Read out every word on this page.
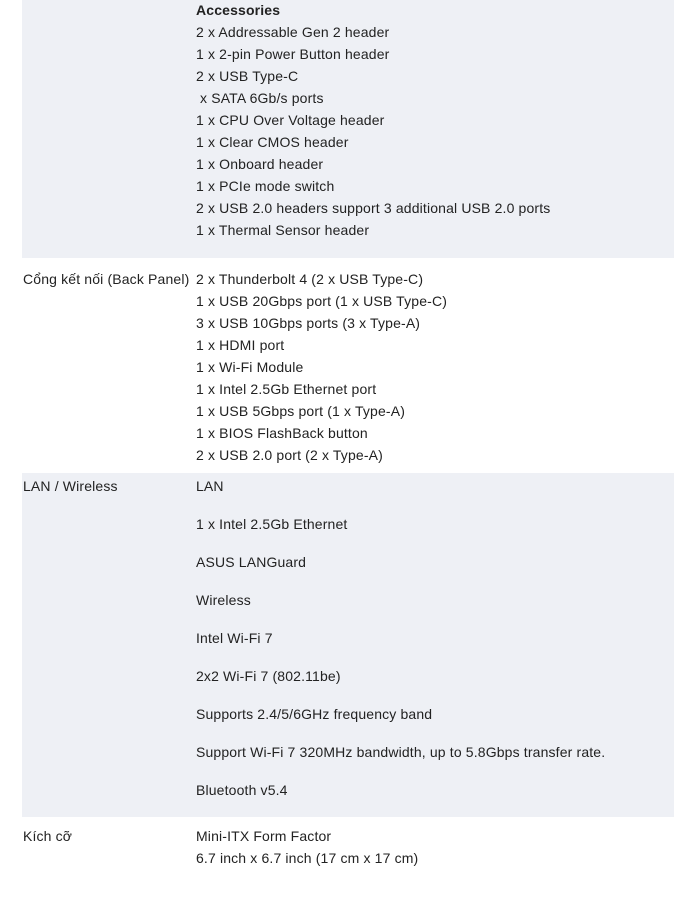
Accessories
2 x Addressable Gen 2 header
1 x 2-pin Power Button header
2 x USB Type-C
x SATA 6Gb/s ports
1 x CPU Over Voltage header
1 x Clear CMOS header
1 x Onboard header
1 x PCIe mode switch
2 x USB 2.0 headers support 3 additional USB 2.0 ports
1 x Thermal Sensor header
Cổng kết nối (Back Panel) 2 x Thunderbolt 4 (2 x USB Type-C)
1 x USB 20Gbps port (1 x USB Type-C)
3 x USB 10Gbps ports (3 x Type-A)
1 x HDMI port
1 x Wi-Fi Module
1 x Intel 2.5Gb Ethernet port
1 x USB 5Gbps port (1 x Type-A)
1 x BIOS FlashBack button
2 x USB 2.0 port (2 x Type-A)
LAN / Wireless	LAN
1 x Intel 2.5Gb Ethernet
ASUS LANGuard
Wireless
Intel Wi-Fi 7
2x2 Wi-Fi 7 (802.11be)
Supports 2.4/5/6GHz frequency band
Support Wi-Fi 7 320MHz bandwidth, up to 5.8Gbps transfer rate.
Bluetooth v5.4
Kích cỡ	Mini-ITX Form Factor
6.7 inch x 6.7 inch (17 cm x 17 cm)
